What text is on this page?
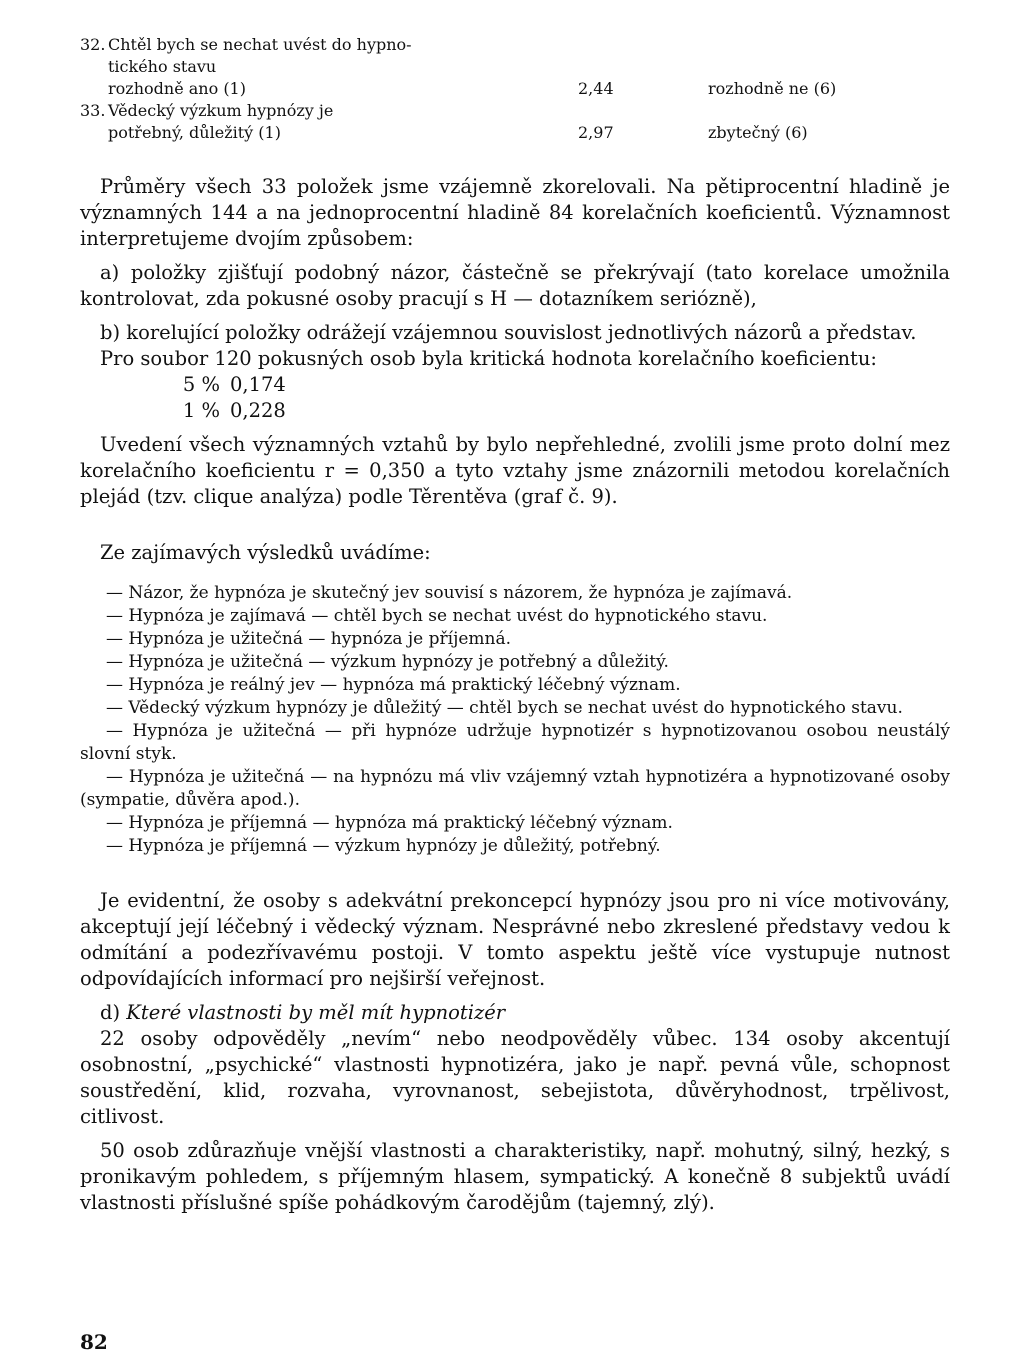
32. Chtěl bych se nechat uvést do hypno-
tického stavu
rozhodně ano (1)	2,44	rozhodně ne (6)
33. Vědecký výzkum hypnózy je
potřebný, důležitý (1)	2,97	zbytečný (6)

Průměry všech 33 položek jsme vzájemně zkorelovali. Na pětiprocentní hladině je významných 144 a na jednoprocentní hladině 84 korelačních koeficientů. Významnost interpretujeme dvojím způsobem:

a) položky zjišťují podobný názor, částečně se překrývají (tato korelace umožnila kontrolovat, zda pokusné osoby pracují s H — dotazníkem seriózně),

b) korelující položky odrážejí vzájemnou souvislost jednotlivých názorů a představ.

Pro soubor 120 pokusných osob byla kritická hodnota korelačního koeficientu:

5 % 0,174
1 % 0,228

Uvedení všech významných vztahů by bylo nepřehledné, zvolili jsme proto dolní mez korelačního koeficientu r = 0,350 a tyto vztahy jsme znázornili metodou korelačních plejád (tzv. clique analýza) podle Těrentěva (graf č. 9).

Ze zajímavých výsledků uvádíme:

— Názor, že hypnóza je skutečný jev souvisí s názorem, že hypnóza je zajímavá.
— Hypnóza je zajímavá — chtěl bych se nechat uvést do hypnotického stavu.
— Hypnóza je užitečná — hypnóza je příjemná.
— Hypnóza je užitečná — výzkum hypnózy je potřebný a důležitý.
— Hypnóza je reálný jev — hypnóza má praktický léčebný význam.
— Vědecký výzkum hypnózy je důležitý — chtěl bych se nechat uvést do hypnotického stavu.
— Hypnóza je užitečná — při hypnóze udržuje hypnotizér s hypnotizovanou osobou neustálý slovní styk.
— Hypnóza je užitečná — na hypnózu má vliv vzájemný vztah hypnotizéra a hypnotizované osoby (sympatie, důvěra apod.).
— Hypnóza je příjemná — hypnóza má praktický léčebný význam.
— Hypnóza je příjemná — výzkum hypnózy je důležitý, potřebný.

Je evidentní, že osoby s adekvátní prekoncepcí hypnózy jsou pro ni více motivovány, akceptují její léčebný i vědecký význam. Nesprávné nebo zkreslené představy vedou k odmítání a podezřívavému postoji. V tomto aspektu ještě více vystupuje nutnost odpovídajících informací pro nejširší veřejnost.

d) Které vlastnosti by měl mít hypnotizér

22 osoby odpověděly „nevím“ nebo neodpověděly vůbec. 134 osoby akcentují osobnostní, „psychické“ vlastnosti hypnotizéra, jako je např. pevná vůle, schopnost soustředění, klid, rozvaha, vyrovnanost, sebejistota, důvěryhodnost, trpělivost, citlivost.

50 osob zdůrazňuje vnější vlastnosti a charakteristiky, např. mohutný, silný, hezký, s pronikavým pohledem, s příjemným hlasem, sympatický. A konečně 8 subjektů uvádí vlastnosti příslušné spíše pohádkovým čarodějům (tajemný, zlý).

82
